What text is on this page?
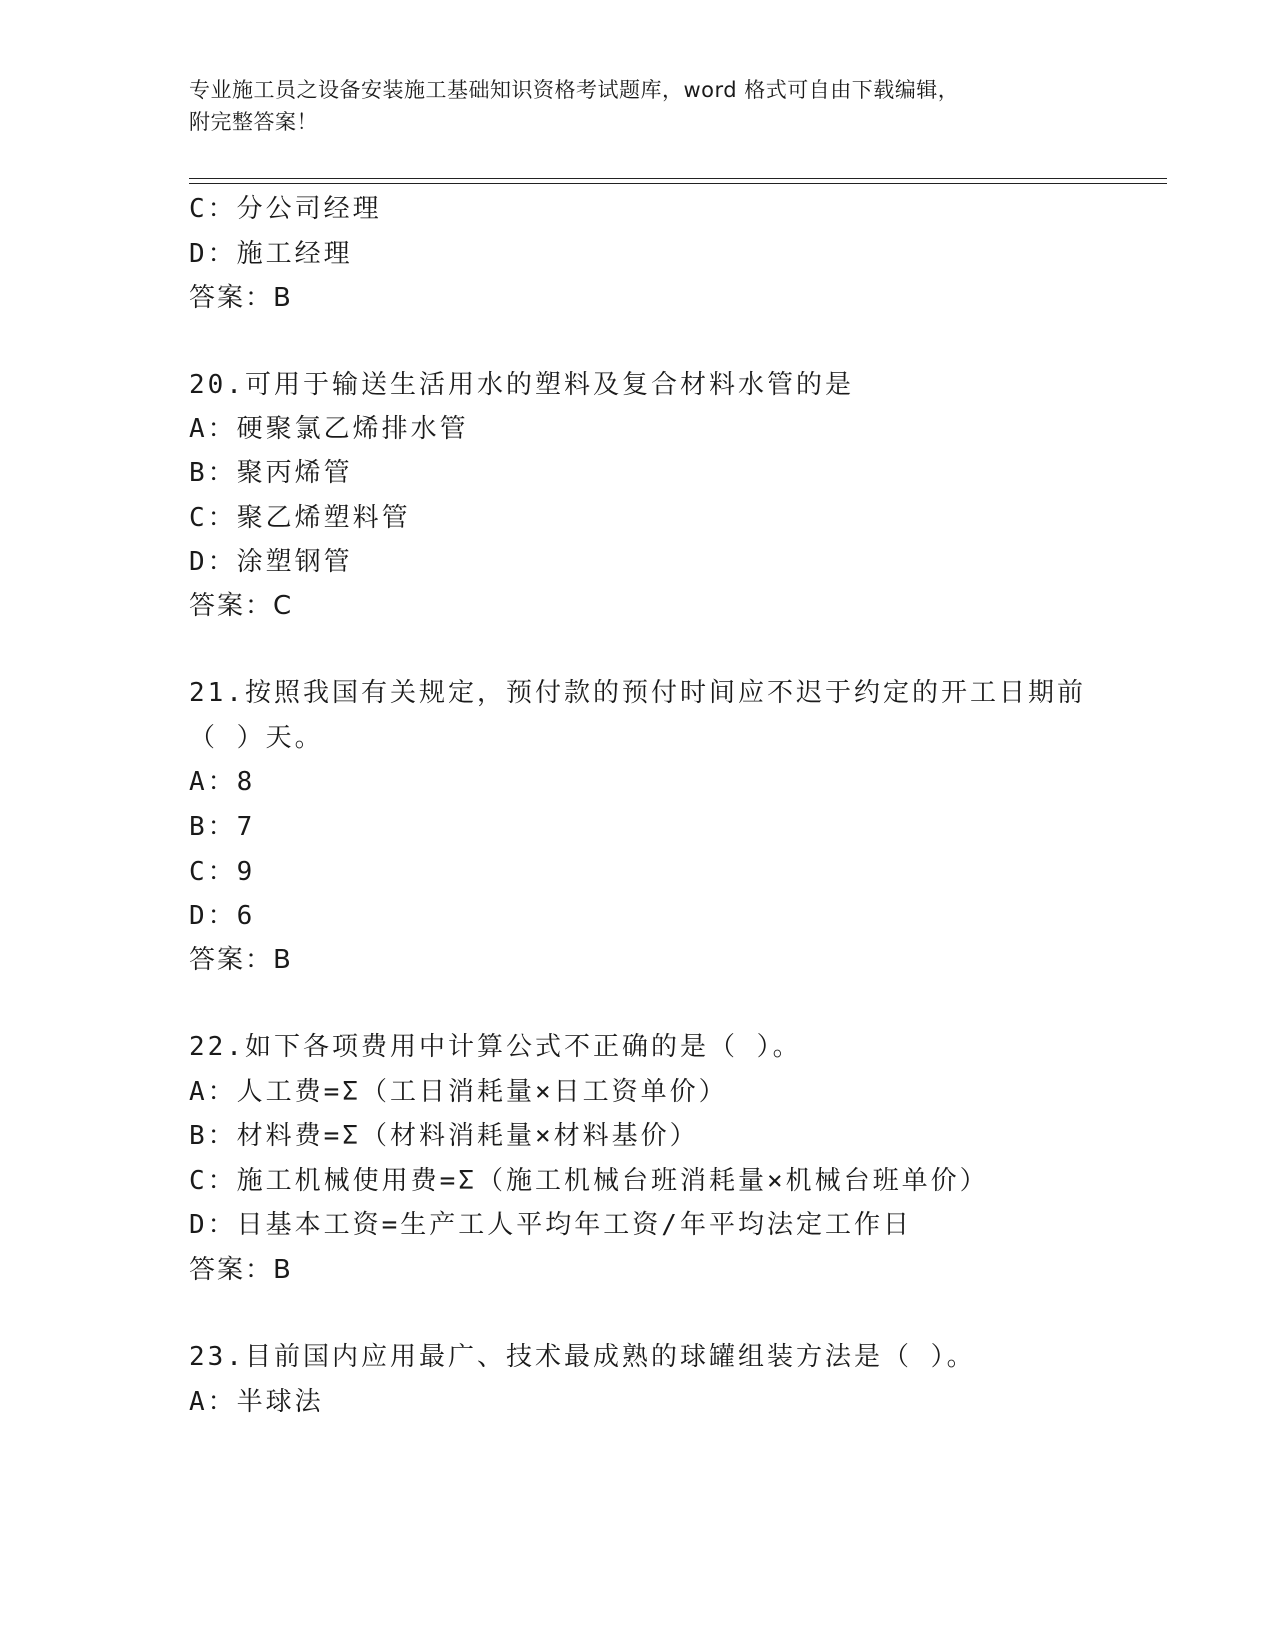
专业施工员之设备安装施工基础知识资格考试题库，word 格式可自由下载编辑，
附完整答案！
C：分公司经理
D：施工经理
答案：B
20.可用于输送生活用水的塑料及复合材料水管的是
A：硬聚氯乙烯排水管
B：聚丙烯管
C：聚乙烯塑料管
D：涂塑钢管
答案：C
21.按照我国有关规定，预付款的预付时间应不迟于约定的开工日期前
（ ）天。
A：8
B：7
C：9
D：6
答案：B
22.如下各项费用中计算公式不正确的是（ ）。
A：人工费=Σ（工日消耗量×日工资单价）
B：材料费=Σ（材料消耗量×材料基价）
C：施工机械使用费=Σ（施工机械台班消耗量×机械台班单价）
D：日基本工资=生产工人平均年工资/年平均法定工作日
答案：B
23.目前国内应用最广、技术最成熟的球罐组装方法是（ ）。
A：半球法
